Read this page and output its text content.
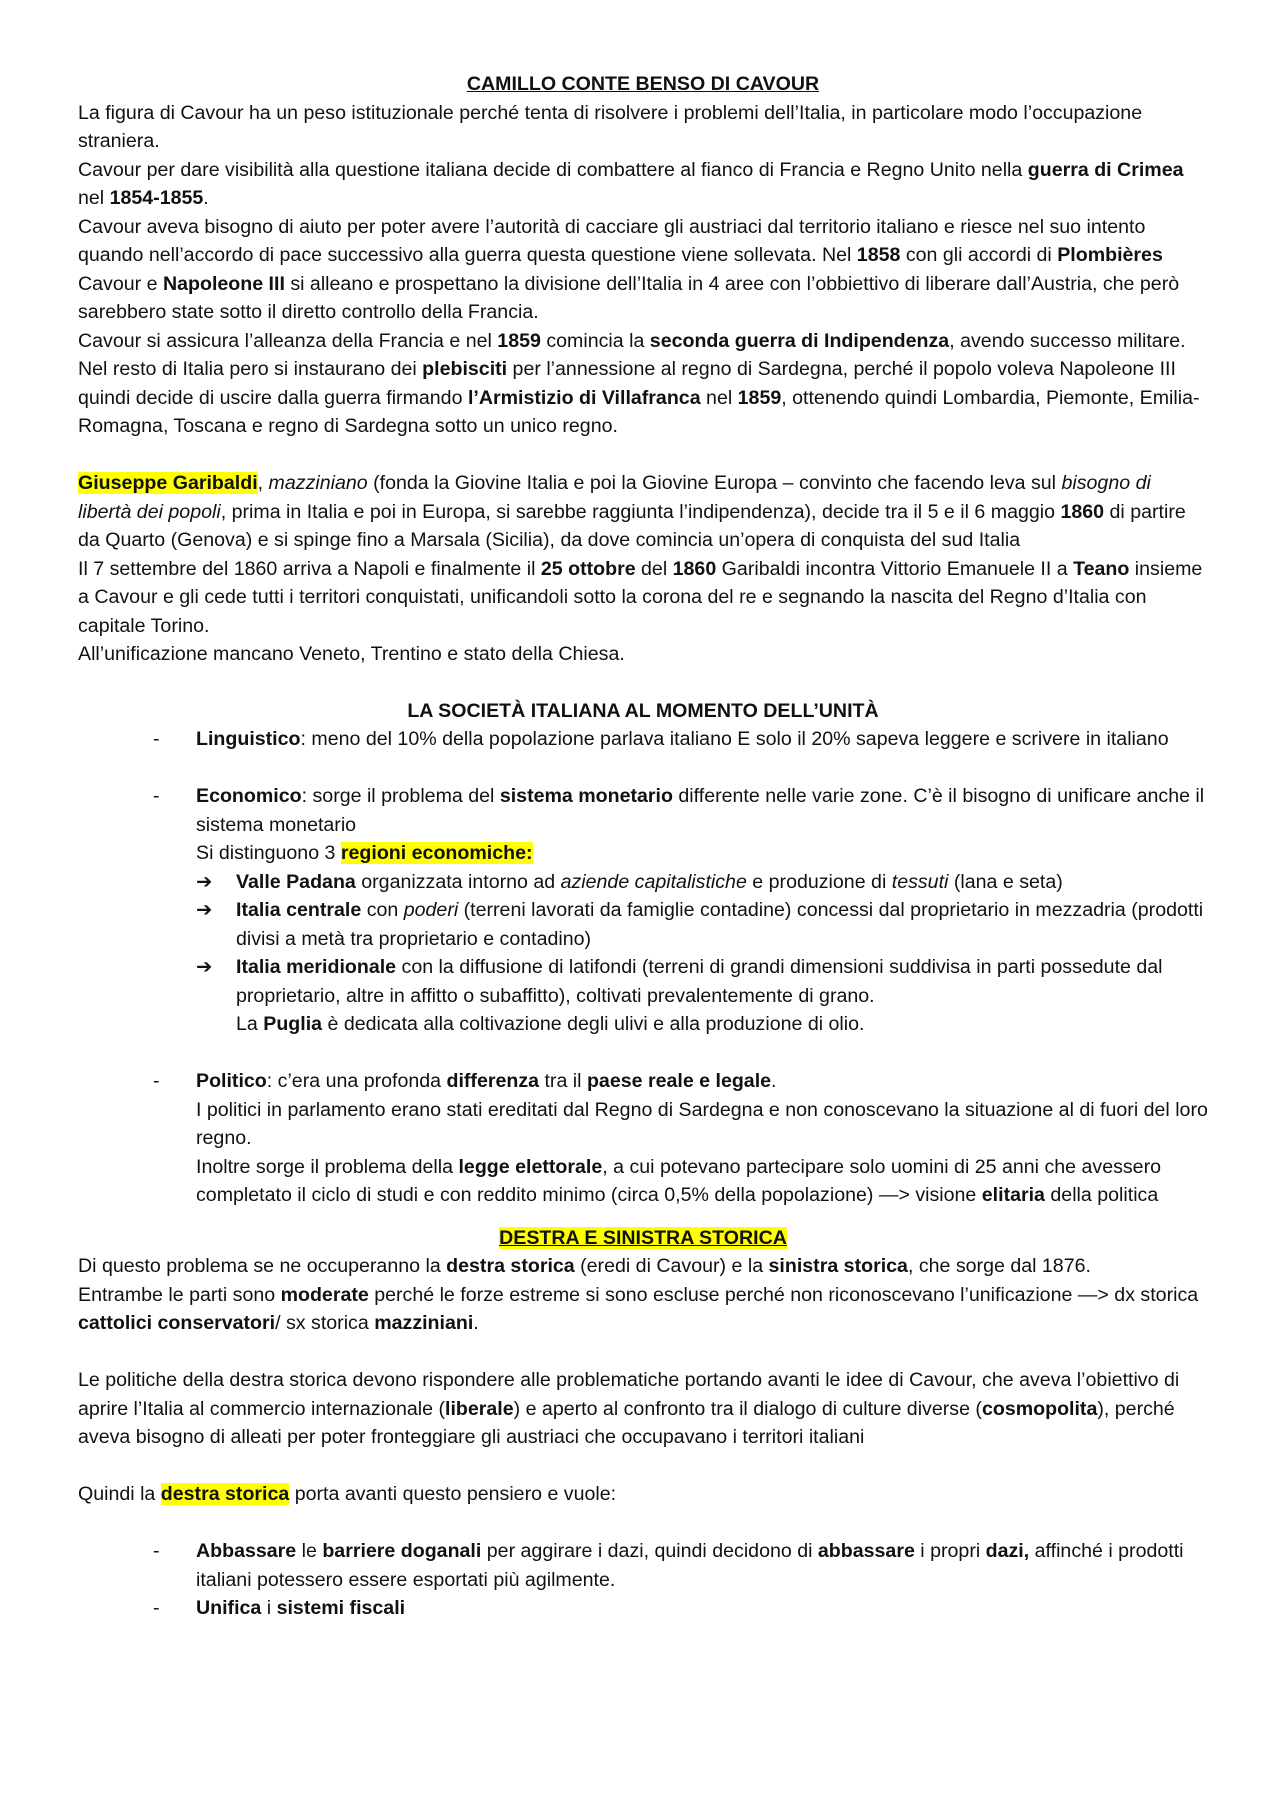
CAMILLO CONTE BENSO DI CAVOUR

La figura di Cavour ha un peso istituzionale perché tenta di risolvere i problemi dell’Italia, in particolare modo l’occupazione straniera.

Cavour per dare visibilità alla questione italiana decide di combattere al fianco di Francia e Regno Unito nella guerra di Crimea nel 1854-1855.

Cavour aveva bisogno di aiuto per poter avere l’autorità di cacciare gli austriaci dal territorio italiano e riesce nel suo intento quando nell’accordo di pace successivo alla guerra questa questione viene sollevata. Nel 1858 con gli accordi di Plombières Cavour e Napoleone III si alleano e prospettano la divisione dell’Italia in 4 aree con l’obbiettivo di liberare dall’Austria, che però sarebbero state sotto il diretto controllo della Francia.

Cavour si assicura l’alleanza della Francia e nel 1859 comincia la seconda guerra di Indipendenza, avendo successo militare.

Nel resto di Italia pero si instaurano dei plebisciti per l’annessione al regno di Sardegna, perché il popolo voleva Napoleone III quindi decide di uscire dalla guerra firmando l’Armistizio di Villafranca nel 1859, ottenendo quindi Lombardia, Piemonte, Emilia-Romagna, Toscana e regno di Sardegna sotto un unico regno.

Giuseppe Garibaldi, mazziniano (fonda la Giovine Italia e poi la Giovine Europa – convinto che facendo leva sul bisogno di libertà dei popoli, prima in Italia e poi in Europa, si sarebbe raggiunta l’indipendenza), decide tra il 5 e il 6 maggio 1860 di partire da Quarto (Genova) e si spinge fino a Marsala (Sicilia), da dove comincia un’opera di conquista del sud Italia

Il 7 settembre del 1860 arriva a Napoli e finalmente il 25 ottobre del 1860 Garibaldi incontra Vittorio Emanuele II a Teano insieme a Cavour e gli cede tutti i territori conquistati, unificandoli sotto la corona del re e segnando la nascita del Regno d’Italia con capitale Torino.

All’unificazione mancano Veneto, Trentino e stato della Chiesa.

LA SOCIETÀ ITALIANA AL MOMENTO DELL’UNITÀ
- Linguistico: meno del 10% della popolazione parlava italiano E solo il 20% sapeva leggere e scrivere in italiano
- Economico: sorge il problema del sistema monetario differente nelle varie zone. C’è il bisogno di unificare anche il sistema monetario
Si distinguono 3 regioni economiche:
➔ Valle Padana organizzata intorno ad aziende capitalistiche e produzione di tessuti (lana e seta)
➔ Italia centrale con poderi (terreni lavorati da famiglie contadine) concessi dal proprietario in mezzadria (prodotti divisi a metà tra proprietario e contadino)
➔ Italia meridionale con la diffusione di latifondi (terreni di grandi dimensioni suddivisa in parti possedute dal proprietario, altre in affitto o subaffitto), coltivati prevalentemente di grano.
La Puglia è dedicata alla coltivazione degli ulivi e alla produzione di olio.
- Politico: c’era una profonda differenza tra il paese reale e legale.
I politici in parlamento erano stati ereditati dal Regno di Sardegna e non conoscevano la situazione al di fuori del loro regno.
Inoltre sorge il problema della legge elettorale, a cui potevano partecipare solo uomini di 25 anni che avessero completato il ciclo di studi e con reddito minimo (circa 0,5% della popolazione) —> visione elitaria della politica
DESTRA E SINISTRA STORICA

Di questo problema se ne occuperanno la destra storica (eredi di Cavour) e la sinistra storica, che sorge dal 1876.

Entrambe le parti sono moderate perché le forze estreme si sono escluse perché non riconoscevano l’unificazione —> dx storica cattolici conservatori/ sx storica mazziniani.

Le politiche della destra storica devono rispondere alle problematiche portando avanti le idee di Cavour, che aveva l’obiettivo di aprire l’Italia al commercio internazionale (liberale) e aperto al confronto tra il dialogo di culture diverse (cosmopolita), perché aveva bisogno di alleati per poter fronteggiare gli austriaci che occupavano i territori italiani

Quindi la destra storica porta avanti questo pensiero e vuole:

- Abbassare le barriere doganali per aggirare i dazi, quindi decidono di abbassare i propri dazi, affinché i prodotti italiani potessero essere esportati più agilmente.
- Unifica i sistemi fiscali
